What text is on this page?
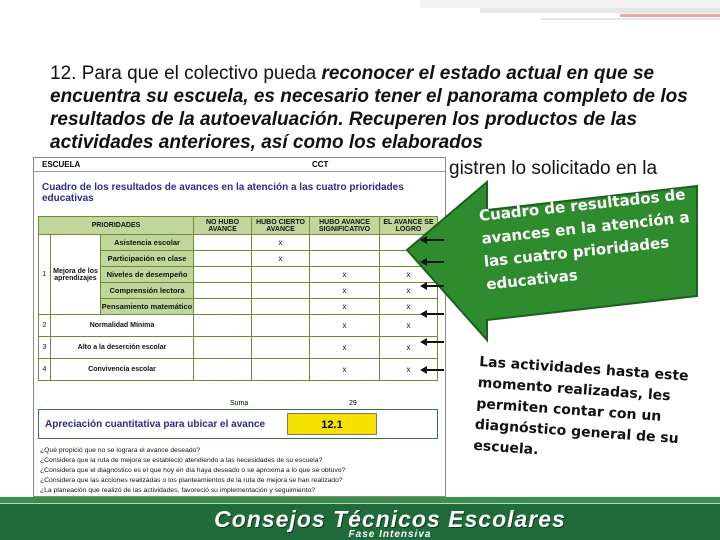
12. Para que el colectivo pueda reconocer el estado actual en que se encuentra su escuela, es necesario tener el panorama completo de los resultados de la autoevaluación. Recuperen los productos de las actividades anteriores, así como los elaborados
ESCUELA	CCT
Cuadro de los resultados de avances en la atención a las cuatro prioridades educativas
PRIORIDADES			NO HUBO AVANCE	HUBO CIERTO AVANCE	HUBO AVANCE SIGNIFICATIVO	EL AVANCE SE LOGRO
1	Mejora de los aprendizajes	Asistencia escolar		x		
		Participación en clase		x		
		Niveles de desempeño			x	x
		Comprensión lectora			x	x
		Pensamiento matemático			x	x
2	Normalidad Mínima				x	x
3	Alto a la deserción escolar				x	x
4	Convivencia escolar				x	x
Suma	29
Apreciación cuantitativa para ubicar el avance	12.1
¿Qué propició que no se lograra el avance deseado?
¿Considera que la ruta de mejora se estableció atendiendo a las necesidades de su escuela?
¿Considera que el diagnóstico es el que hoy en día haya deseado o se aproxima a lo que se obtuvo?
¿Considera que las acciones realizadas o los planteamientos de la ruta de mejora se han realizado?
¿La planeación que realizó de las actividades, favoreció su implementación y seguimiento?
gistren lo solicitado en la
Cuadro de resultados de avances en la atención a las cuatro prioridades educativas
Las actividades hasta este momento realizadas, les permiten contar con un diagnóstico general de su escuela.
Consejos Técnicos Escolares
Fase Intensiva
